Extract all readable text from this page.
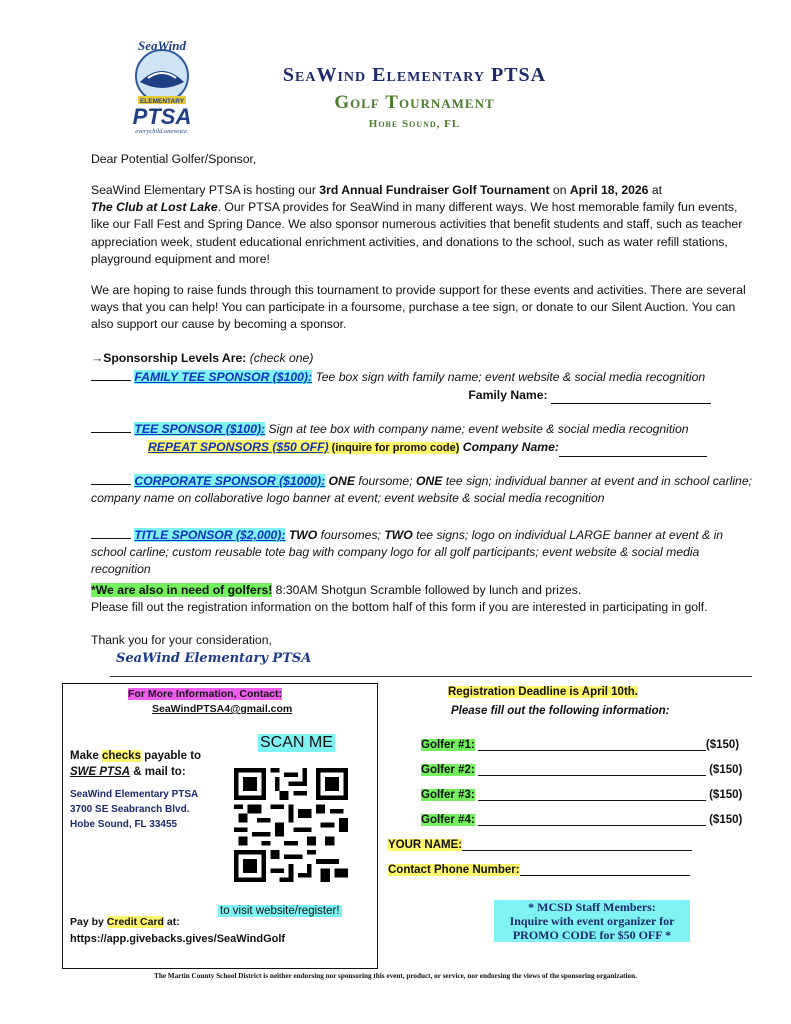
SeaWind
ELEMENTARY
PTSA
everychild.onevoice.
SeaWind Elementary PTSA
Golf Tournament
Hobe Sound, FL
Dear Potential Golfer/Sponsor,
SeaWind Elementary PTSA is hosting our 3rd Annual Fundraiser Golf Tournament on April 18, 2026 at
The Club at Lost Lake. Our PTSA provides for SeaWind in many different ways. We host memorable family fun events, like our Fall Fest and Spring Dance. We also sponsor numerous activities that benefit students and staff, such as teacher appreciation week, student educational enrichment activities, and donations to the school, such as water refill stations, playground equipment and more!
We are hoping to raise funds through this tournament to provide support for these events and activities. There are several ways that you can help! You can participate in a foursome, purchase a tee sign, or donate to our Silent Auction. You can also support our cause by becoming a sponsor.
→Sponsorship Levels Are: (check one)
FAMILY TEE SPONSOR ($100): Tee box sign with family name; event website & social media recognition
Family Name:
TEE SPONSOR ($100): Sign at tee box with company name; event website & social media recognition
REPEAT SPONSORS ($50 OFF) (inquire for promo code) Company Name:
CORPORATE SPONSOR ($1000): ONE foursome; ONE tee sign; individual banner at event and in school carline; company name on collaborative logo banner at event; event website & social media recognition
TITLE SPONSOR ($2,000): TWO foursomes; TWO tee signs; logo on individual LARGE banner at event & in school carline; custom reusable tote bag with company logo for all golf participants; event website & social media recognition
*We are also in need of golfers! 8:30AM Shotgun Scramble followed by lunch and prizes.
Please fill out the registration information on the bottom half of this form if you are interested in participating in golf.
Thank you for your consideration,
SeaWind Elementary PTSA
For More Information, Contact:
SeaWindPTSA4@gmail.com
SCAN ME
Make checks payable to
SWE PTSA & mail to:
SeaWind Elementary PTSA
3700 SE Seabranch Blvd.
Hobe Sound, FL 33455
to visit website/register!
Pay by Credit Card at:
https://app.givebacks.gives/SeaWindGolf
Registration Deadline is April 10th.
Please fill out the following information:
Golfer #1:	($150)
Golfer #2:	($150)
Golfer #3:	($150)
Golfer #4:	($150)
YOUR NAME:
Contact Phone Number:
* MCSD Staff Members:
Inquire with event organizer for
PROMO CODE for $50 OFF *
The Martin County School District is neither endorsing nor sponsoring this event, product, or service, nor endorsing the views of the sponsoring organization.
